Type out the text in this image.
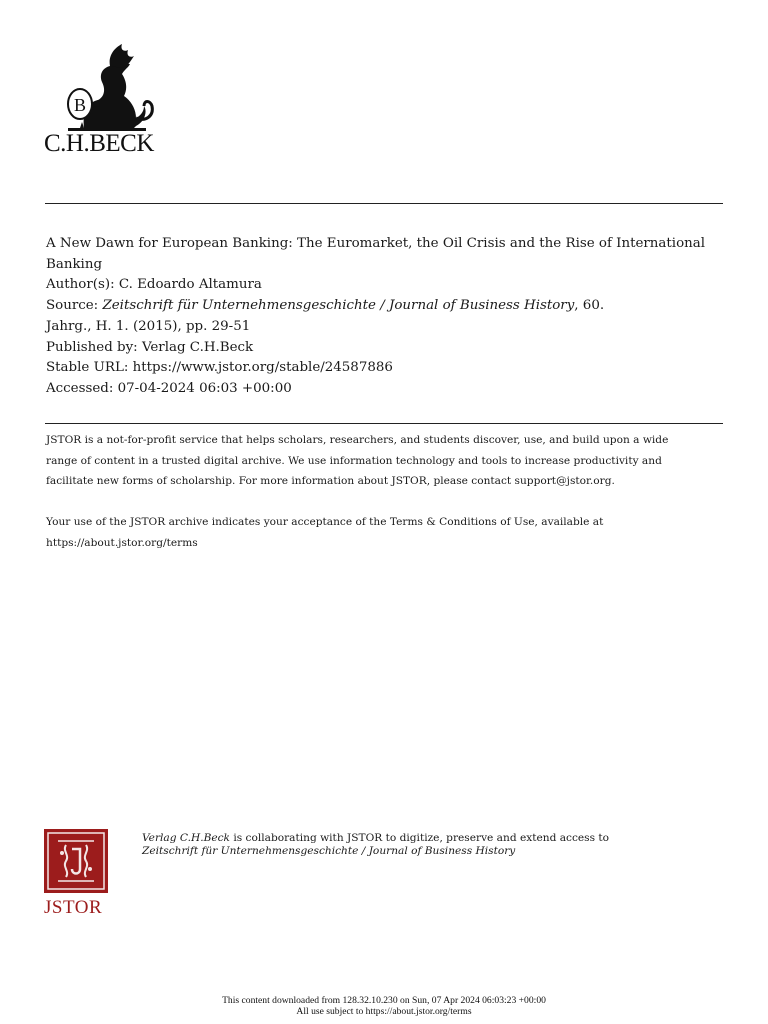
B
C.H.BECK
A New Dawn for European Banking: The Euromarket, the Oil Crisis and the Rise of International Banking
Author(s): C. Edoardo Altamura
Source: Zeitschrift für Unternehmensgeschichte / Journal of Business History, 60.
Jahrg., H. 1. (2015), pp. 29-51
Published by: Verlag C.H.Beck
Stable URL: https://www.jstor.org/stable/24587886
Accessed: 07-04-2024 06:03 +00:00

JSTOR is a not-for-profit service that helps scholars, researchers, and students discover, use, and build upon a wide

range of content in a trusted digital archive. We use information technology and tools to increase productivity and

facilitate new forms of scholarship. For more information about JSTOR, please contact support@jstor.org.

Your use of the JSTOR archive indicates your acceptance of the Terms & Conditions of Use, available at

https://about.jstor.org/terms

JSTOR
Verlag C.H.Beck is collaborating with JSTOR to digitize, preserve and extend access to
Zeitschrift für Unternehmensgeschichte / Journal of Business History
This content downloaded from 128.32.10.230 on Sun, 07 Apr 2024 06:03:23 +00:00
All use subject to https://about.jstor.org/terms
